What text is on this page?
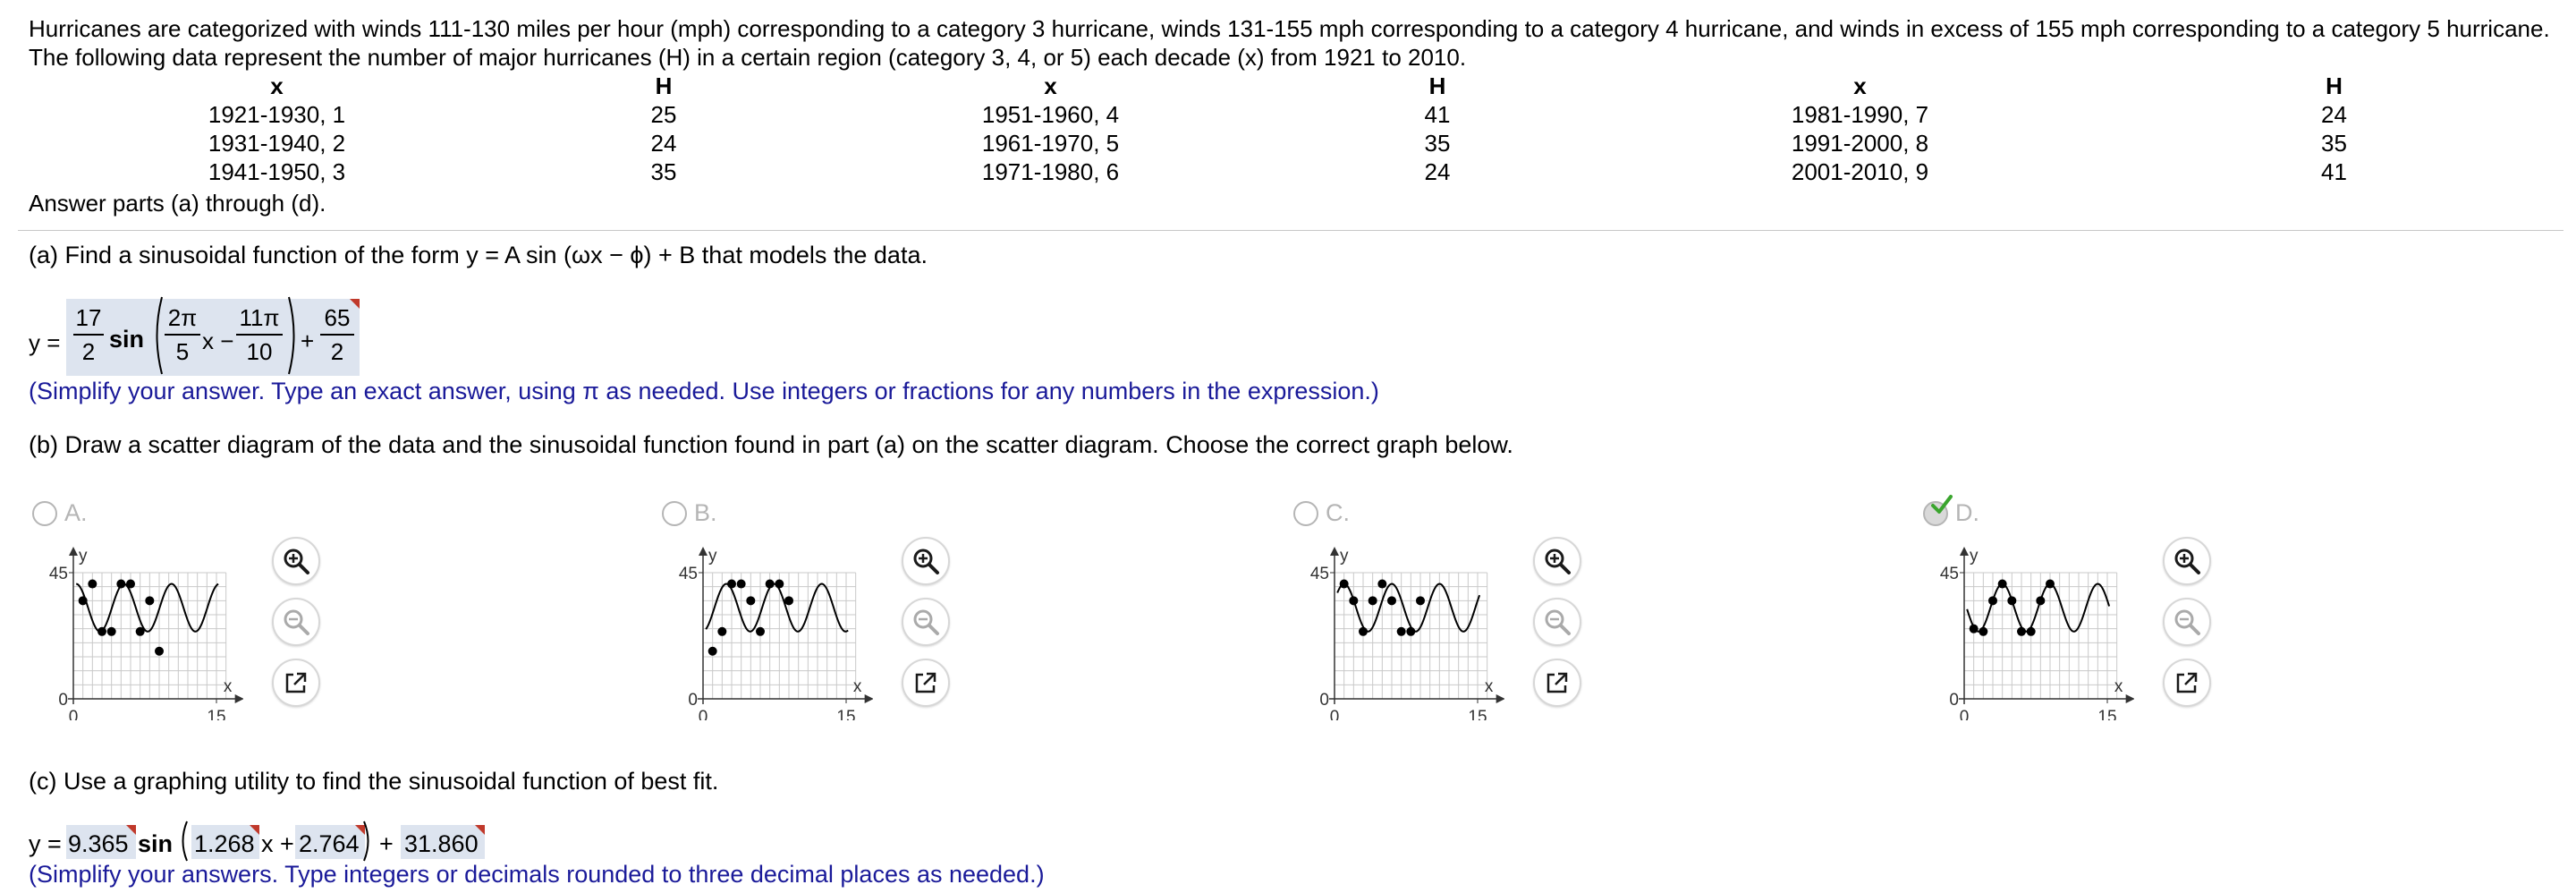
Hurricanes are categorized with winds 111-130 miles per hour (mph) corresponding to a category 3 hurricane, winds 131-155 mph corresponding to a category 4 hurricane, and winds in excess of 155 mph corresponding to a category 5 hurricane. The following data represent the number of major hurricanes (H) in a certain region (category 3, 4, or 5) each decade (x) from 1921 to 2010.
x	H	x	H	x	H
1921-1930, 1	25	1951-1960, 4	41	1981-1990, 7	24
1931-1940, 2	24	1961-1970, 5	35	1991-2000, 8	35
1941-1950, 3	35	1971-1980, 6	24	2001-2010, 9	41
Answer parts (a) through (d).
(a) Find a sinusoidal function of the form y = A sin (ωx − ϕ) + B that models the data.
y =
17
2 sin
2π
5 x −
11π
10	+
65
2
(Simplify your answer. Type an exact answer, using π as needed. Use integers or fractions for any numbers in the expression.)
(b) Draw a scatter diagram of the data and the sinusoidal function found in part (a) on the scatter diagram. Choose the correct graph below.
A.
45
0
0	15
y
x
B.
45
0
0	15
y
x
C.
45
0
0	15
y
x
D.
45
0
0	15
y
x
(c) Use a graphing utility to find the sinusoidal function of best fit.
y = 9.365 sin 1.268 x + 2.764 + 31.860
(Simplify your answers. Type integers or decimals rounded to three decimal places as needed.)
